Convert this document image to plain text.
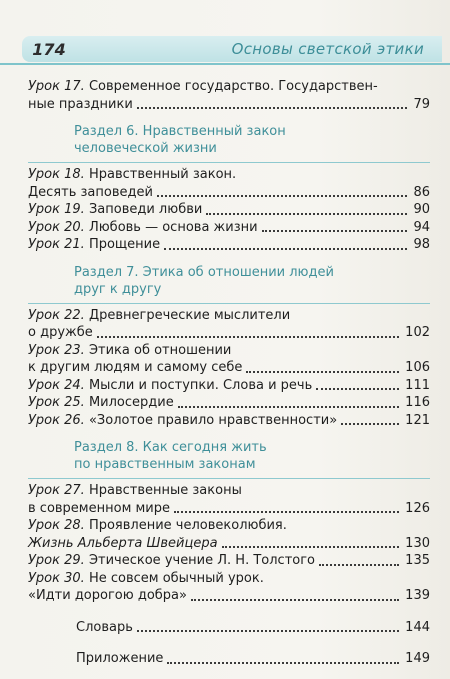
174	Основы светской этики
Урок 17. Современное государство. Государствен-
ные праздники	79
Раздел 6. Нравственный закон
человеческой жизни
Урок 18. Нравственный закон.
Десять заповедей	86
Урок 19. Заповеди любви	90
Урок 20. Любовь — основа жизни	94
Урок 21. Прощение	98
Раздел 7. Этика об отношении людей
друг к другу
Урок 22. Древнегреческие мыслители
о дружбе	102
Урок 23. Этика об отношении
к другим людям и самому себе	106
Урок 24. Мысли и поступки. Слова и речь	111
Урок 25. Милосердие	116
Урок 26. «Золотое правило нравственности»	121
Раздел 8. Как сегодня жить
по нравственным законам
Урок 27. Нравственные законы
в современном мире	126
Урок 28. Проявление человеколюбия.
Жизнь Альберта Швейцера	130
Урок 29. Этическое учение Л. Н. Толстого	135
Урок 30. Не совсем обычный урок.
«Идти дорогою добра»	139
Словарь	144
Приложение	149
